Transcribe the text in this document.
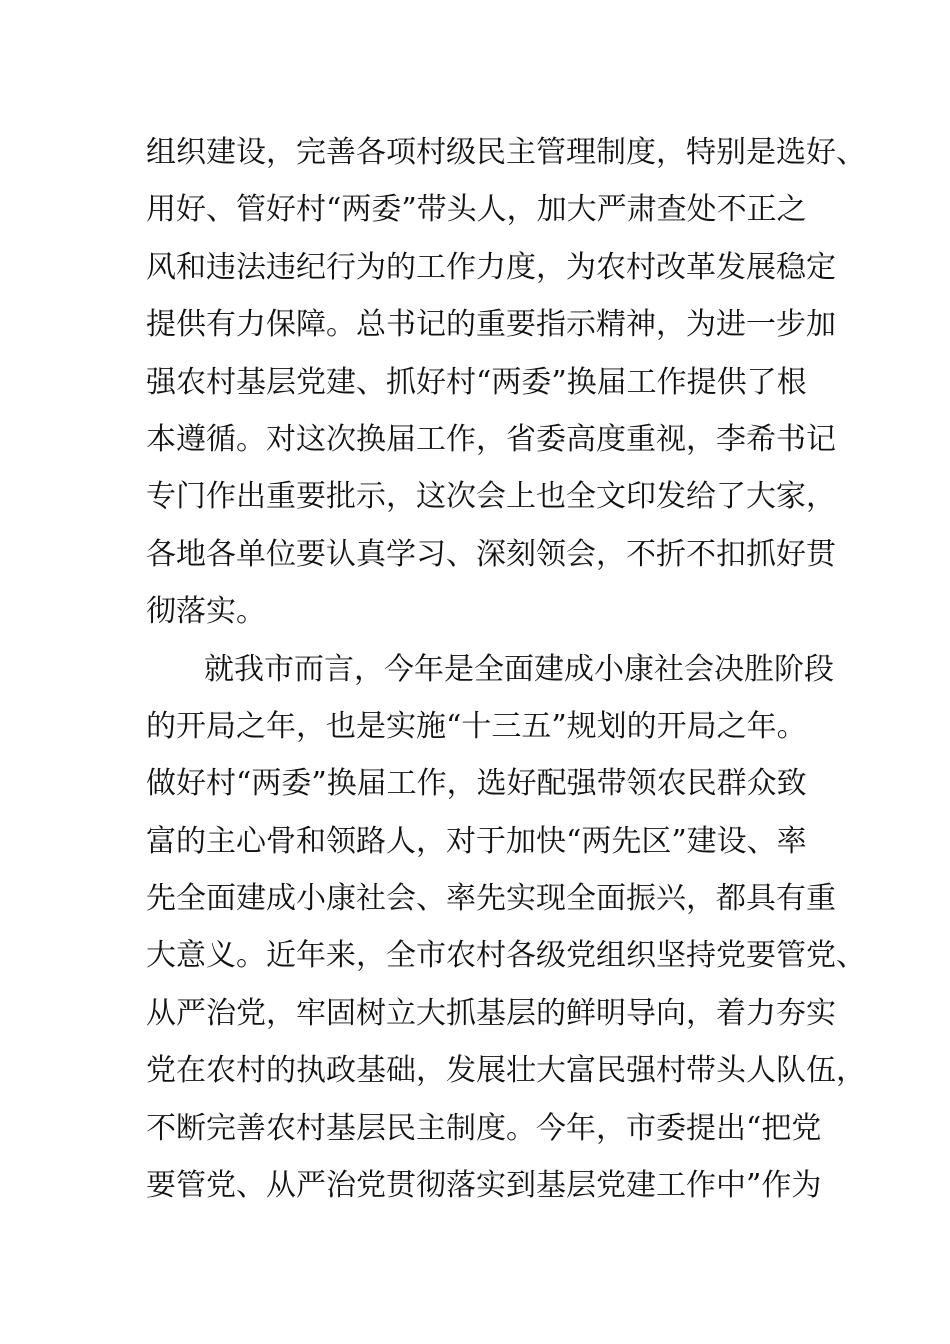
组织建设，完善各项村级民主管理制度，特别是选好、
用好、管好村“两委”带头人，加大严肃查处不正之
风和违法违纪行为的工作力度，为农村改革发展稳定
提供有力保障。总书记的重要指示精神，为进一步加
强农村基层党建、抓好村“两委”换届工作提供了根
本遵循。对这次换届工作，省委高度重视，李希书记
专门作出重要批示，这次会上也全文印发给了大家，
各地各单位要认真学习、深刻领会，不折不扣抓好贯
彻落实。
就我市而言，今年是全面建成小康社会决胜阶段
的开局之年，也是实施“十三五”规划的开局之年。
做好村“两委”换届工作，选好配强带领农民群众致
富的主心骨和领路人，对于加快“两先区”建设、率
先全面建成小康社会、率先实现全面振兴，都具有重
大意义。近年来，全市农村各级党组织坚持党要管党、
从严治党，牢固树立大抓基层的鲜明导向，着力夯实
党在农村的执政基础，发展壮大富民强村带头人队伍，
不断完善农村基层民主制度。今年，市委提出“把党
要管党、从严治党贯彻落实到基层党建工作中”作为
